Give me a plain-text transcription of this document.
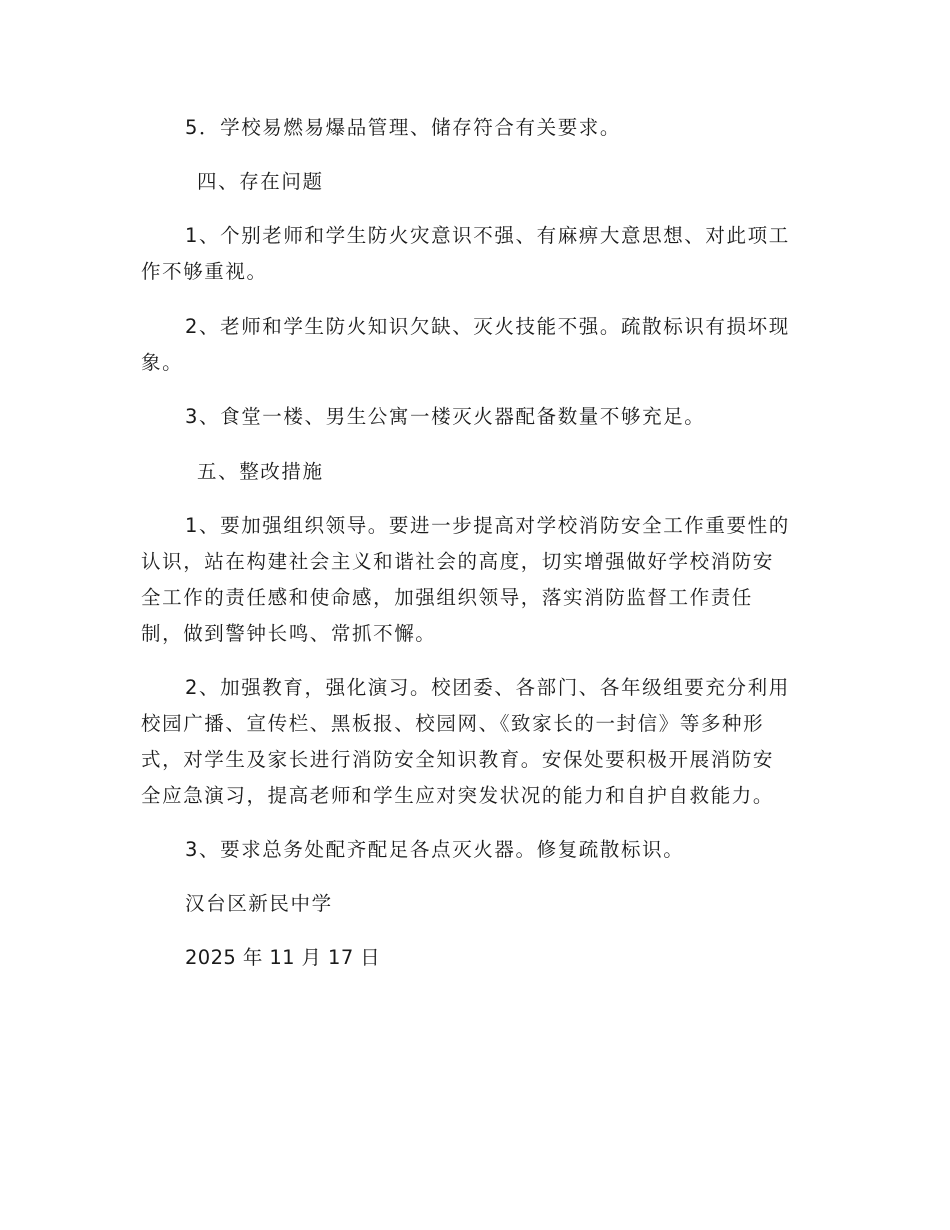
5．学校易燃易爆品管理、储存符合有关要求。

四、存在问题

1、个别老师和学生防火灾意识不强、有麻痹大意思想、对此项工

作不够重视。

2、老师和学生防火知识欠缺、灭火技能不强。疏散标识有损坏现

象。

3、食堂一楼、男生公寓一楼灭火器配备数量不够充足。

五、整改措施

1、要加强组织领导。要进一步提高对学校消防安全工作重要性的

认识，站在构建社会主义和谐社会的高度，切实增强做好学校消防安

全工作的责任感和使命感，加强组织领导，落实消防监督工作责任

制，做到警钟长鸣、常抓不懈。

2、加强教育，强化演习。校团委、各部门、各年级组要充分利用

校园广播、宣传栏、黑板报、校园网、《致家长的一封信》等多种形

式，对学生及家长进行消防安全知识教育。安保处要积极开展消防安

全应急演习，提高老师和学生应对突发状况的能力和自护自救能力。

3、要求总务处配齐配足各点灭火器。修复疏散标识。

汉台区新民中学

2025 年 11 月 17 日
